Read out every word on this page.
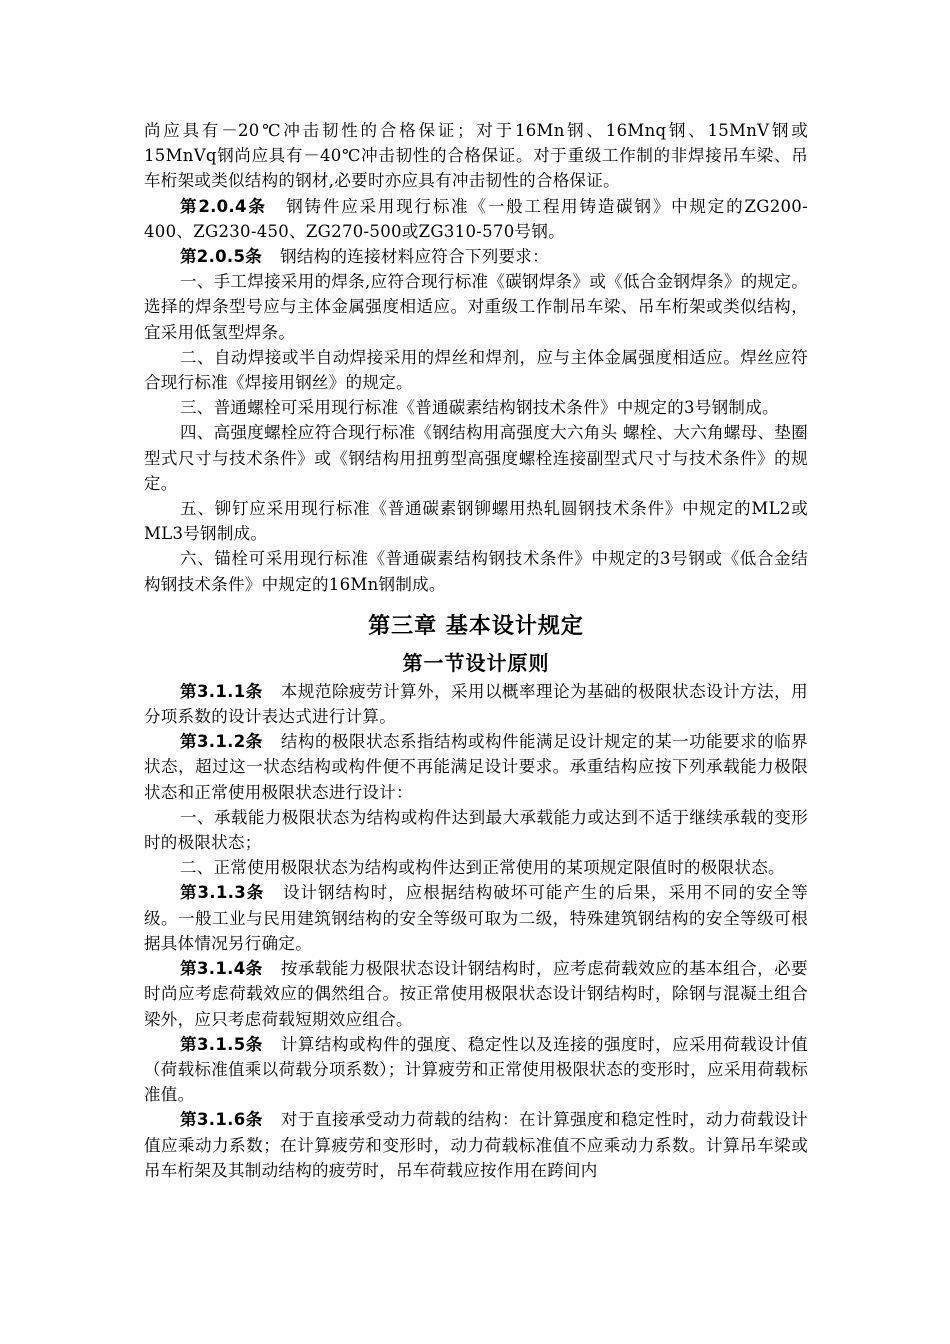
尚应具有－20℃冲击韧性的合格保证；对于16Mn钢、16Mnq钢、15MnV钢或15MnVq钢尚应具有－40℃冲击韧性的合格保证。对于重级工作制的非焊接吊车梁、吊车桁架或类似结构的钢材,必要时亦应具有冲击韧性的合格保证。

第2.0.4条 钢铸件应采用现行标准《一般工程用铸造碳钢》中规定的ZG200-400、ZG230-450、ZG270-500或ZG310-570号钢。

第2.0.5条 钢结构的连接材料应符合下列要求：

一、手工焊接采用的焊条,应符合现行标准《碳钢焊条》或《低合金钢焊条》的规定。选择的焊条型号应与主体金属强度相适应。对重级工作制吊车梁、吊车桁架或类似结构，宜采用低氢型焊条。

二、自动焊接或半自动焊接采用的焊丝和焊剂，应与主体金属强度相适应。焊丝应符合现行标准《焊接用钢丝》的规定。

三、普通螺栓可采用现行标准《普通碳素结构钢技术条件》中规定的3号钢制成。

四、高强度螺栓应符合现行标准《钢结构用高强度大六角头 螺栓、大六角螺母、垫圈型式尺寸与技术条件》或《钢结构用扭剪型高强度螺栓连接副型式尺寸与技术条件》的规定。

五、铆钉应采用现行标准《普通碳素钢铆螺用热轧圆钢技术条件》中规定的ML2或ML3号钢制成。

六、锚栓可采用现行标准《普通碳素结构钢技术条件》中规定的3号钢或《低合金结构钢技术条件》中规定的16Mn钢制成。

第三章 基本设计规定
第一节设计原则

第3.1.1条 本规范除疲劳计算外，采用以概率理论为基础的极限状态设计方法，用分项系数的设计表达式进行计算。

第3.1.2条 结构的极限状态系指结构或构件能满足设计规定的某一功能要求的临界状态，超过这一状态结构或构件便不再能满足设计要求。承重结构应按下列承载能力极限状态和正常使用极限状态进行设计：

一、承载能力极限状态为结构或构件达到最大承载能力或达到不适于继续承载的变形时的极限状态；

二、正常使用极限状态为结构或构件达到正常使用的某项规定限值时的极限状态。

第3.1.3条 设计钢结构时，应根据结构破坏可能产生的后果，采用不同的安全等级。一般工业与民用建筑钢结构的安全等级可取为二级，特殊建筑钢结构的安全等级可根据具体情况另行确定。

第3.1.4条 按承载能力极限状态设计钢结构时，应考虑荷载效应的基本组合，必要时尚应考虑荷载效应的偶然组合。按正常使用极限状态设计钢结构时，除钢与混凝土组合梁外，应只考虑荷载短期效应组合。

第3.1.5条 计算结构或构件的强度、稳定性以及连接的强度时，应采用荷载设计值（荷载标准值乘以荷载分项系数）；计算疲劳和正常使用极限状态的变形时，应采用荷载标准值。

第3.1.6条 对于直接承受动力荷载的结构：在计算强度和稳定性时，动力荷载设计值应乘动力系数；在计算疲劳和变形时，动力荷载标准值不应乘动力系数。计算吊车梁或吊车桁架及其制动结构的疲劳时，吊车荷载应按作用在跨间内
